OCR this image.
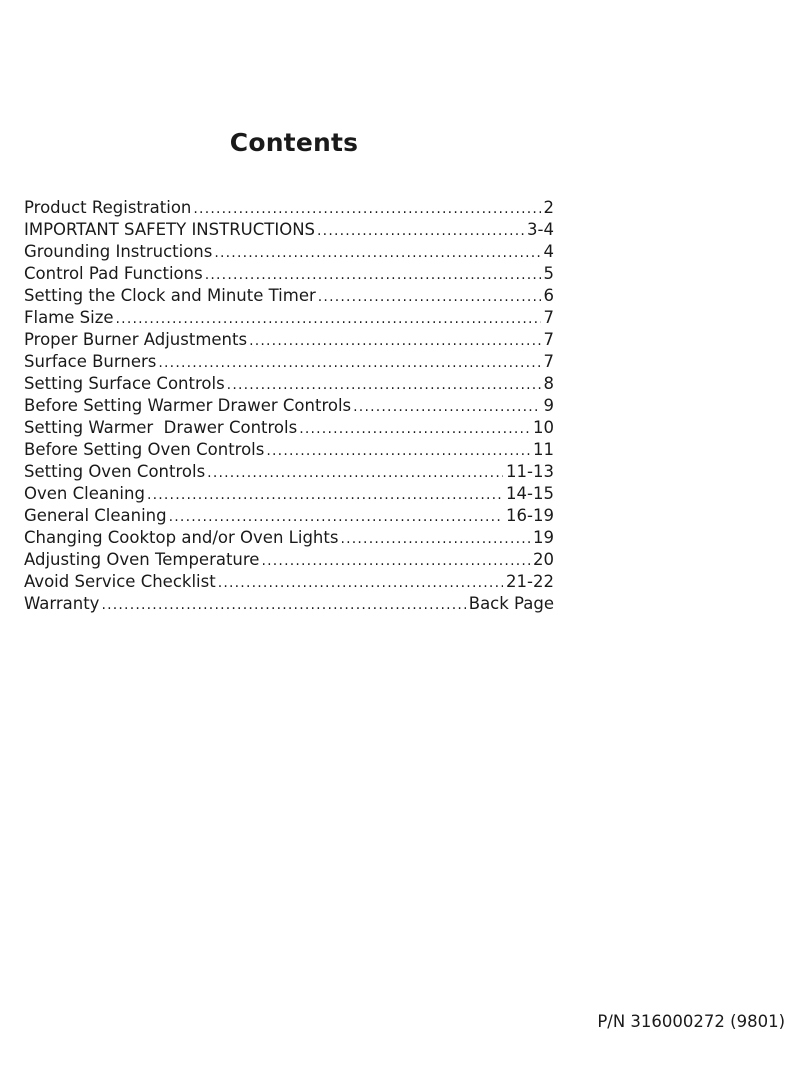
Contents
Product Registration .....	2
IMPORTANT SAFETY INSTRUCTIONS .....	3-4
Grounding Instructions .....	4
Control Pad Functions .....	5
Setting the Clock and Minute Timer .....	6
Flame Size .....	7
Proper Burner Adjustments .....	7
Surface Burners .....	7
Setting Surface Controls .....	8
Before Setting Warmer Drawer Controls .....	9
Setting Warmer  Drawer Controls .....	10
Before Setting Oven Controls .....	11
Setting Oven Controls .....	11-13
Oven Cleaning .....	14-15
General Cleaning .....	16-19
Changing Cooktop and/or Oven Lights .....	19
Adjusting Oven Temperature .....	20
Avoid Service Checklist .....	21-22
Warranty .....	Back Page
P/N 316000272 (9801)
